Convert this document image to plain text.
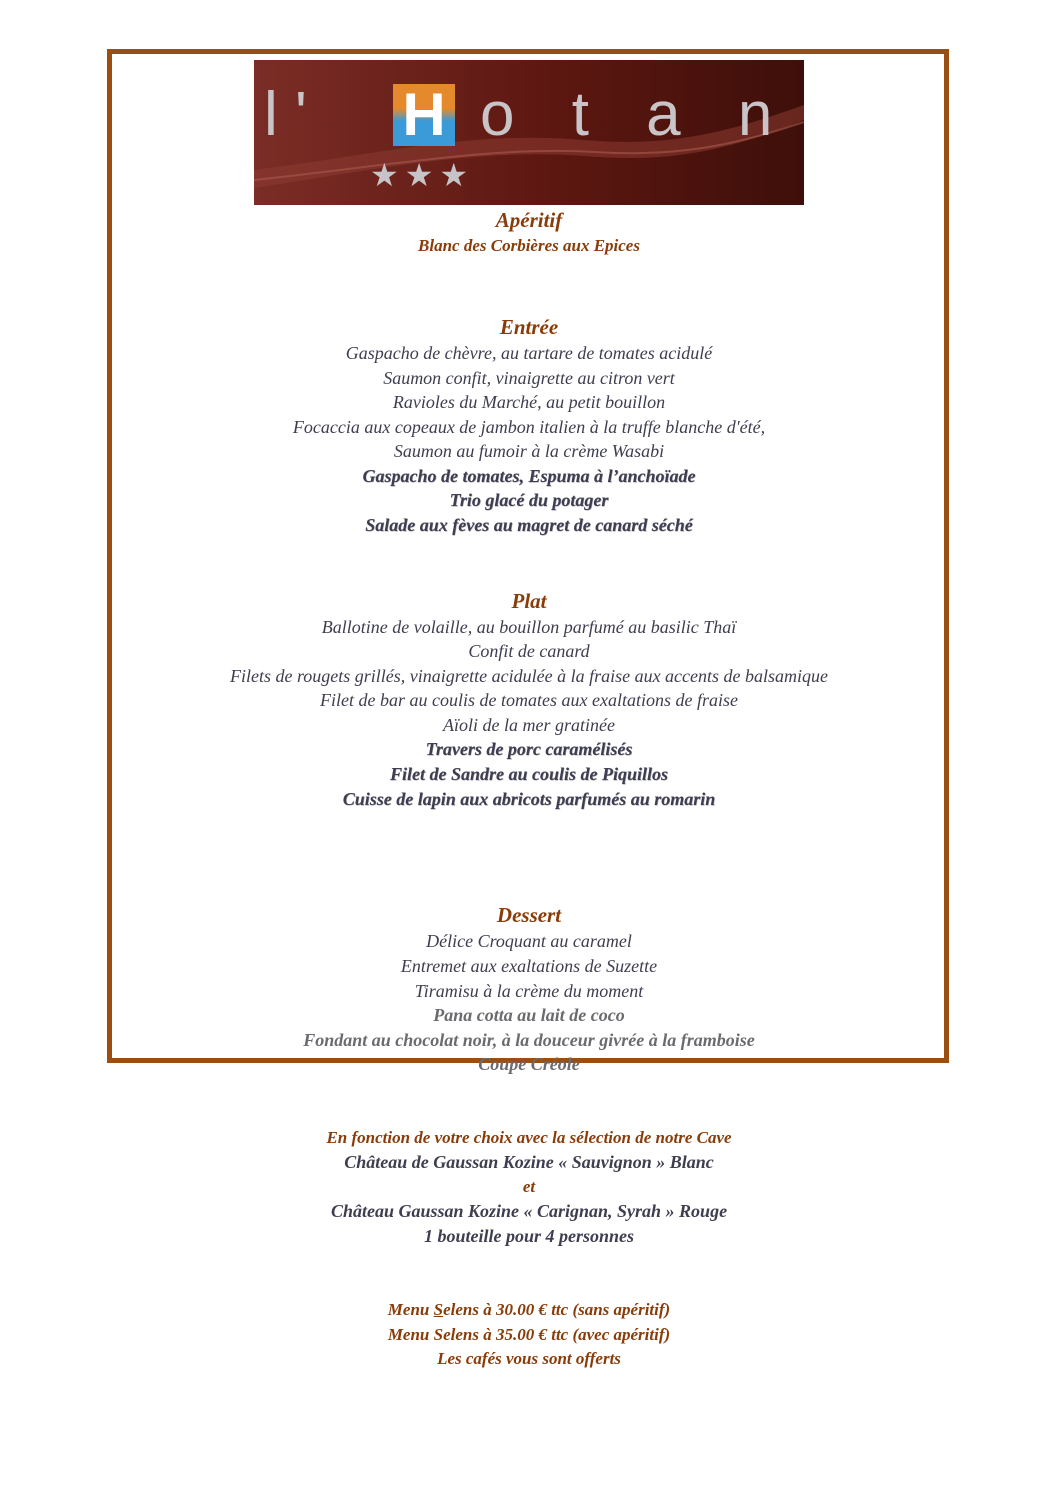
l ' H o t a n
★★★
Apéritif
Blanc des Corbières aux Epices
Entrée
Gaspacho de chèvre, au tartare de tomates acidulé
Saumon confit, vinaigrette au citron vert
Ravioles du Marché, au petit bouillon
Focaccia aux copeaux de jambon italien à la truffe blanche d'été,
Saumon au fumoir à la crème Wasabi
Gaspacho de tomates, Espuma à l’anchoïade
Trio glacé du potager
Salade aux fèves au magret de canard séché
Plat
Ballotine de volaille, au bouillon parfumé au basilic Thaï
Confit de canard
Filets de rougets grillés, vinaigrette acidulée à la fraise aux accents de balsamique
Filet de bar au coulis de tomates aux exaltations de fraise
Aïoli de la mer gratinée
Travers de porc caramélisés
Filet de Sandre au coulis de Piquillos
Cuisse de lapin aux abricots parfumés au romarin
Dessert
Délice Croquant au caramel
Entremet aux exaltations de Suzette
Tiramisu à la crème du moment
Pana cotta au lait de coco
Fondant au chocolat noir, à la douceur givrée à la framboise
Coupe Créole
En fonction de votre choix avec la sélection de notre Cave
Château de Gaussan Kozine « Sauvignon » Blanc
et
Château Gaussan Kozine « Carignan, Syrah » Rouge
1 bouteille pour 4 personnes
Menu Selens à 30.00 € ttc (sans apéritif)
Menu Selens à 35.00 € ttc (avec apéritif)
Les cafés vous sont offerts
